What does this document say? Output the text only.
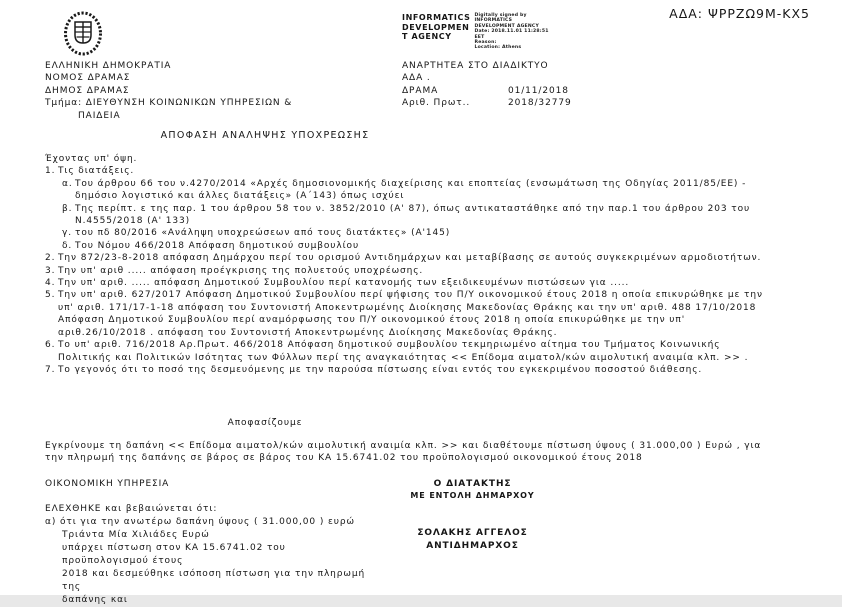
ΑΔΑ: ΨΡΡΖΩ9Μ-ΚΧ5
INFORMATICS
DEVELOPMEN
T AGENCY
Digitally signed by
INFORMATICS
DEVELOPMENT AGENCY
Date: 2018.11.01 11:28:51
EET
Reason:
Location: Athens
ΕΛΛΗΝΙΚΗ ΔΗΜΟΚΡΑΤΙΑ
ΝΟΜΟΣ ΔΡΑΜΑΣ
ΔΗΜΟΣ ΔΡΑΜΑΣ
Τμήμα: ΔΙΕΥΘΥΝΣΗ ΚΟΙΝΩΝΙΚΩΝ ΥΠΗΡΕΣΙΩΝ &
ΠΑΙΔΕΙΑ
ΑΝΑΡΤΗΤΕΑ ΣΤΟ ΔΙΑΔΙΚΤΥΟ
ΑΔΑ .
ΔΡΑΜΑ	01/11/2018
Αριθ. Πρωτ..	2018/32779
ΑΠΟΦΑΣΗ ΑΝΑΛΗΨΗΣ ΥΠΟΧΡΕΩΣΗΣ
Έχοντας υπ' όψη.
1. Τις διατάξεις.
α. Του άρθρου 66 του ν.4270/2014 «Αρχές δημοσιονομικής διαχείρισης και εποπτείας (ενσωμάτωση της Οδηγίας 2011/85/ΕΕ) - δημόσιο λογιστικό και άλλες διατάξεις» (Α΄143) όπως ισχύει
β. Της περίπτ. ε της παρ. 1 του άρθρου 58 του ν. 3852/2010 (Α' 87), όπως αντικαταστάθηκε από την παρ.1 του άρθρου 203 του Ν.4555/2018 (Α' 133)
γ. του πδ 80/2016 «Ανάληψη υποχρεώσεων από τους διατάκτες» (Α'145)
δ. Του Νόμου 466/2018 Απόφαση δημοτικού συμβουλίου
2. Την 872/23-8-2018 απόφαση Δημάρχου περί του ορισμού Αντιδημάρχων και μεταβίβασης σε αυτούς συγκεκριμένων αρμοδιοτήτων.
3. Την υπ' αριθ ..... απόφαση προέγκρισης της πολυετούς υποχρέωσης.
4. Την υπ' αριθ. ..... απόφαση Δημοτικού Συμβουλίου περί κατανομής των εξειδικευμένων πιστώσεων για .....
5. Την υπ' αριθ. 627/2017 Απόφαση Δημοτικού Συμβουλίου περί ψήφισης του Π/Υ οικονομικού έτους 2018 η οποία επικυρώθηκε με την υπ' αριθ. 171/17-1-18 απόφαση του Συντονιστή Αποκεντρωμένης Διοίκησης Μακεδονίας Θράκης και την υπ' αριθ. 488 17/10/2018 Απόφαση Δημοτικού Συμβουλίου περί αναμόρφωσης του Π/Υ οικονομικού έτους 2018 η οποία επικυρώθηκε με την υπ' αριθ.26/10/2018 . απόφαση του Συντονιστή Αποκεντρωμένης Διοίκησης Μακεδονίας Θράκης.
6. Το υπ' αριθ. 716/2018 Αρ.Πρωτ. 466/2018 Απόφαση δημοτικού συμβουλίου τεκμηριωμένο αίτημα του Τμήματος Κοινωνικής Πολιτικής και Πολιτικών Ισότητας των Φύλλων περί της αναγκαιότητας << Επίδομα αιματολ/κών αιμολυτική αναιμία κλπ. >> .
7. Το γεγονός ότι το ποσό της δεσμευόμενης με την παρούσα πίστωσης είναι εντός του εγκεκριμένου ποσοστού διάθεσης.
Αποφασίζουμε
Εγκρίνουμε τη δαπάνη << Επίδομα αιματολ/κών αιμολυτική αναιμία κλπ. >> και διαθέτουμε πίστωση ύψους ( 31.000,00 ) Ευρώ , για την πληρωμή της δαπάνης σε βάρος σε βάρος του ΚΑ 15.6741.02 του προϋπολογισμού οικονομικού έτους 2018
ΟΙΚΟΝΟΜΙΚΗ ΥΠΗΡΕΣΙΑ	Ο ΔΙΑΤΑΚΤΗΣ
ΜΕ ΕΝΤΟΛΗ ΔΗΜΑΡΧΟΥ
ΕΛΕΧΘΗΚΕ και βεβαιώνεται ότι:
α) ότι για την ανωτέρω δαπάνη ύψους ( 31.000,00 ) ευρώ
Τριάντα Μία Χιλιάδες Ευρώ
υπάρχει πίστωση στον ΚΑ 15.6741.02 του προϋπολογισμού έτους
2018 και δεσμεύθηκε ισόποση πίστωση για την πληρωμή της
δαπάνης και
ΣΟΛΑΚΗΣ ΑΓΓΕΛΟΣ
ΑΝΤΙΔΗΜΑΡΧΟΣ
